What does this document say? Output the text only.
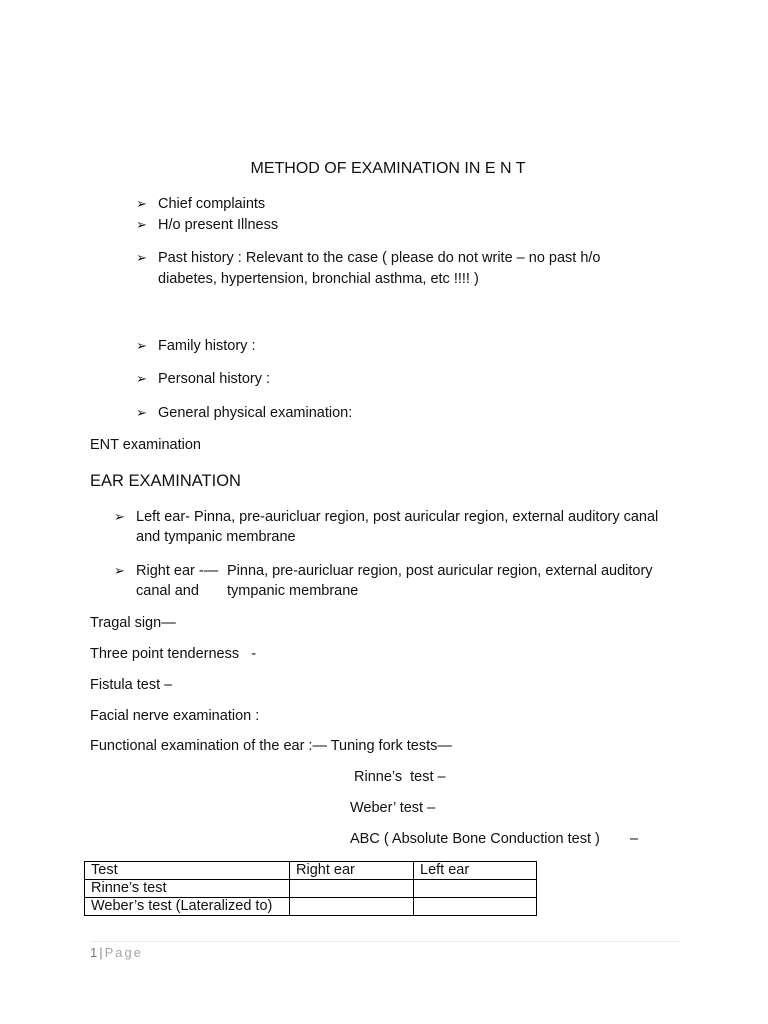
METHOD OF EXAMINATION IN E N T
➢ Chief complaints
➢ H/o present Illness
➢ Past history : Relevant to the case ( please do not write – no past h/o
diabetes, hypertension, bronchial asthma, etc !!!! )
➢ Family history :
➢ Personal history :
➢ General physical examination:
ENT examination
EAR EXAMINATION
➢ Left ear- Pinna, pre-auricluar region, post auricular region, external auditory canal
and tympanic membrane
➢ Right ear -— Pinna, pre-auricluar region, post auricular region, external auditory
canal and tympanic membrane
Tragal sign—
Three point tenderness   -
Fistula test –
Facial nerve examination :
Functional examination of the ear :— Tuning fork tests—
Rinne’s  test –
Weber’ test –
ABC ( Absolute Bone Conduction test ) –
Test	Right ear	Left ear
Rinne’s test		
Weber’s test (Lateralized to)		
1 | Page
